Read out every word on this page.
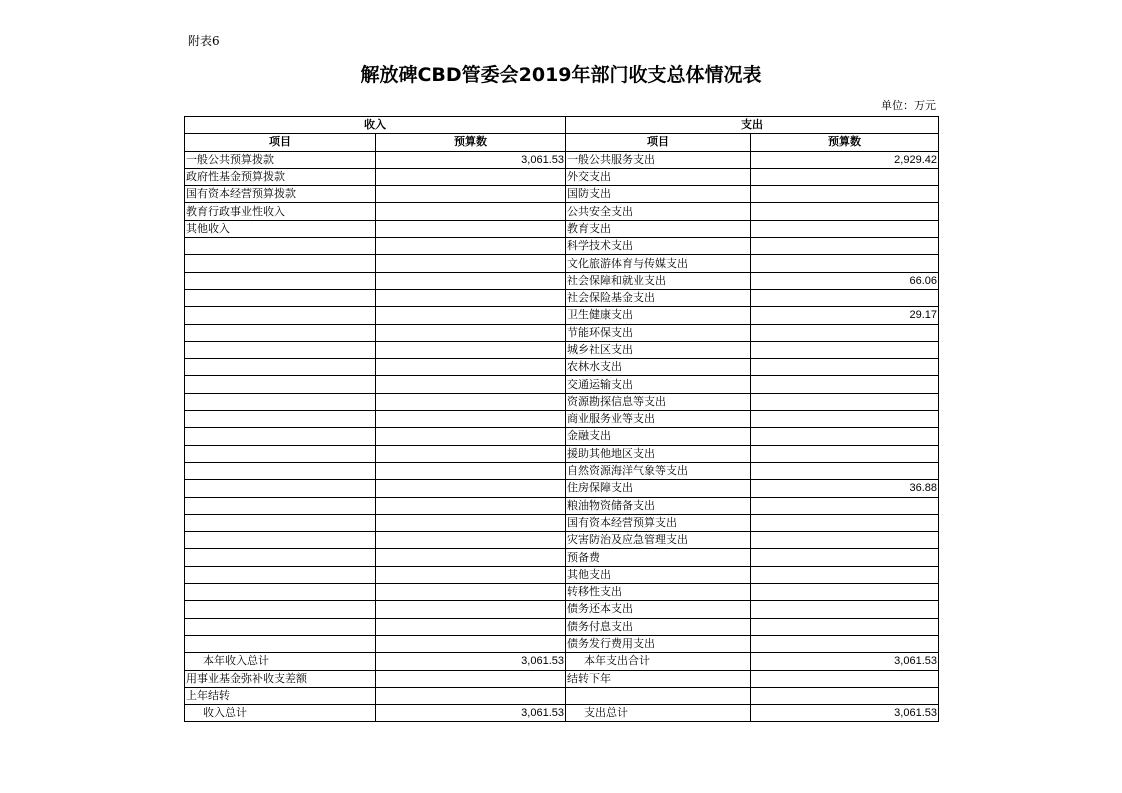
附表6
解放碑CBD管委会2019年部门收支总体情况表
单位：万元
收入		支出	
项目	预算数	项目	预算数
一般公共预算拨款	3,061.53	一般公共服务支出	2,929.42
政府性基金预算拨款		外交支出	
国有资本经营预算拨款		国防支出	
教育行政事业性收入		公共安全支出	
其他收入		教育支出	
		科学技术支出	
		文化旅游体育与传媒支出	
		社会保障和就业支出	66.06
		社会保险基金支出	
		卫生健康支出	29.17
		节能环保支出	
		城乡社区支出	
		农林水支出	
		交通运输支出	
		资源勘探信息等支出	
		商业服务业等支出	
		金融支出	
		援助其他地区支出	
		自然资源海洋气象等支出	
		住房保障支出	36.88
		粮油物资储备支出	
		国有资本经营预算支出	
		灾害防治及应急管理支出	
		预备费	
		其他支出	
		转移性支出	
		债务还本支出	
		债务付息支出	
		债务发行费用支出	
本年收入总计	3,061.53	本年支出合计	3,061.53
用事业基金弥补收支差额		结转下年	
上年结转			
收入总计	3,061.53	支出总计	3,061.53
